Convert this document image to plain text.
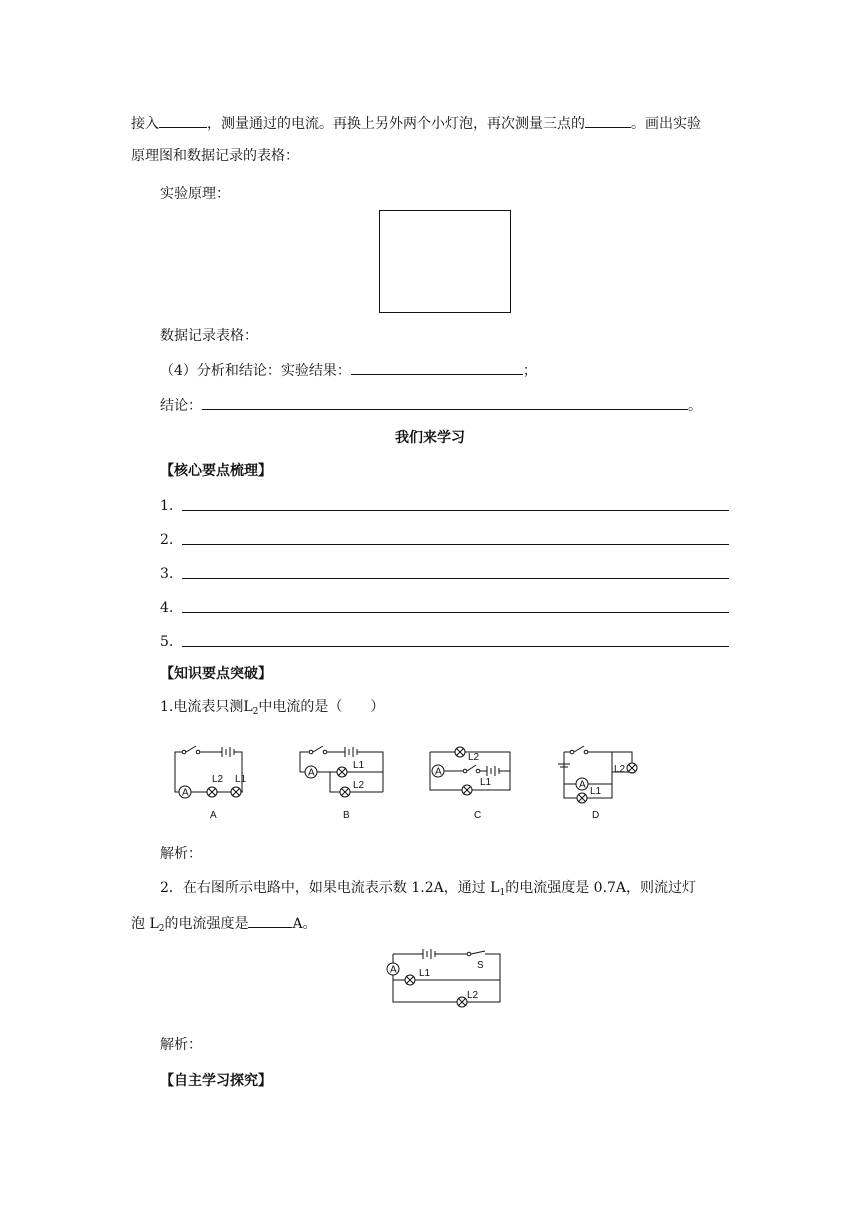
接入	，测量通过的电流。再换上另外两个小灯泡，再次测量三点的	。画出实验
原理图和数据记录的表格：
实验原理：
数据记录表格：
（4）分析和结论：实验结果：	；
结论：	。
我们来学习
【核心要点梳理】
1.
2.
3.
4.
5.
【知识要点突破】
1.电流表只测$L_2$中电流的是（　　）
A
L2 L1
A
A
L1
L2
B
L2
A
L1
C
A
L2
L1
D
解析：
2．在右图所示电路中，如果电流表示数 1.2A，通过 $L_1$的电流强度是 0.7A，则流过灯
泡 $L_2$的电流强度是	A。
A L1
S
L2
解析：
【自主学习探究】
